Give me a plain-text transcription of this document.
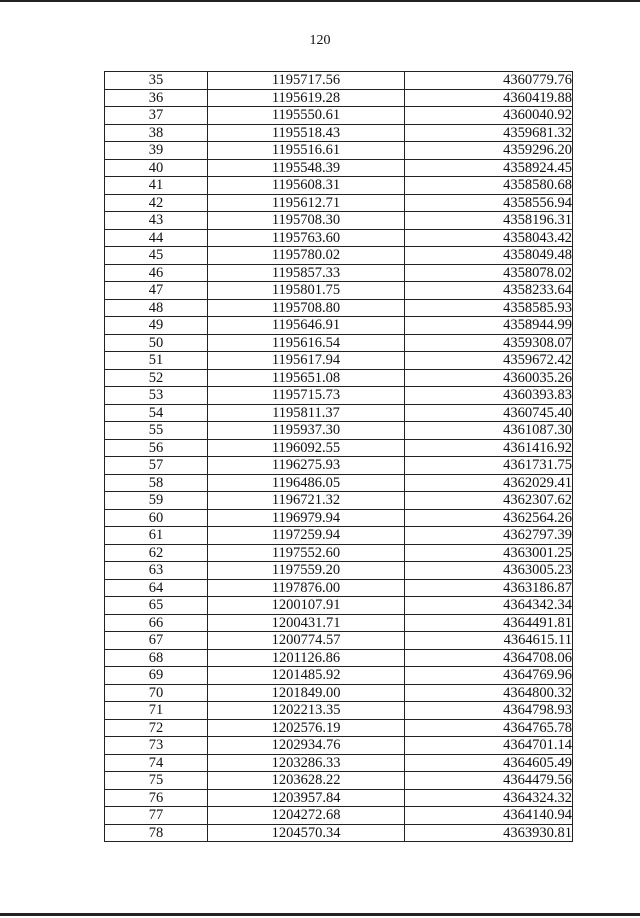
120
35	1195717.56	4360779.76
36	1195619.28	4360419.88
37	1195550.61	4360040.92
38	1195518.43	4359681.32
39	1195516.61	4359296.20
40	1195548.39	4358924.45
41	1195608.31	4358580.68
42	1195612.71	4358556.94
43	1195708.30	4358196.31
44	1195763.60	4358043.42
45	1195780.02	4358049.48
46	1195857.33	4358078.02
47	1195801.75	4358233.64
48	1195708.80	4358585.93
49	1195646.91	4358944.99
50	1195616.54	4359308.07
51	1195617.94	4359672.42
52	1195651.08	4360035.26
53	1195715.73	4360393.83
54	1195811.37	4360745.40
55	1195937.30	4361087.30
56	1196092.55	4361416.92
57	1196275.93	4361731.75
58	1196486.05	4362029.41
59	1196721.32	4362307.62
60	1196979.94	4362564.26
61	1197259.94	4362797.39
62	1197552.60	4363001.25
63	1197559.20	4363005.23
64	1197876.00	4363186.87
65	1200107.91	4364342.34
66	1200431.71	4364491.81
67	1200774.57	4364615.11
68	1201126.86	4364708.06
69	1201485.92	4364769.96
70	1201849.00	4364800.32
71	1202213.35	4364798.93
72	1202576.19	4364765.78
73	1202934.76	4364701.14
74	1203286.33	4364605.49
75	1203628.22	4364479.56
76	1203957.84	4364324.32
77	1204272.68	4364140.94
78	1204570.34	4363930.81
